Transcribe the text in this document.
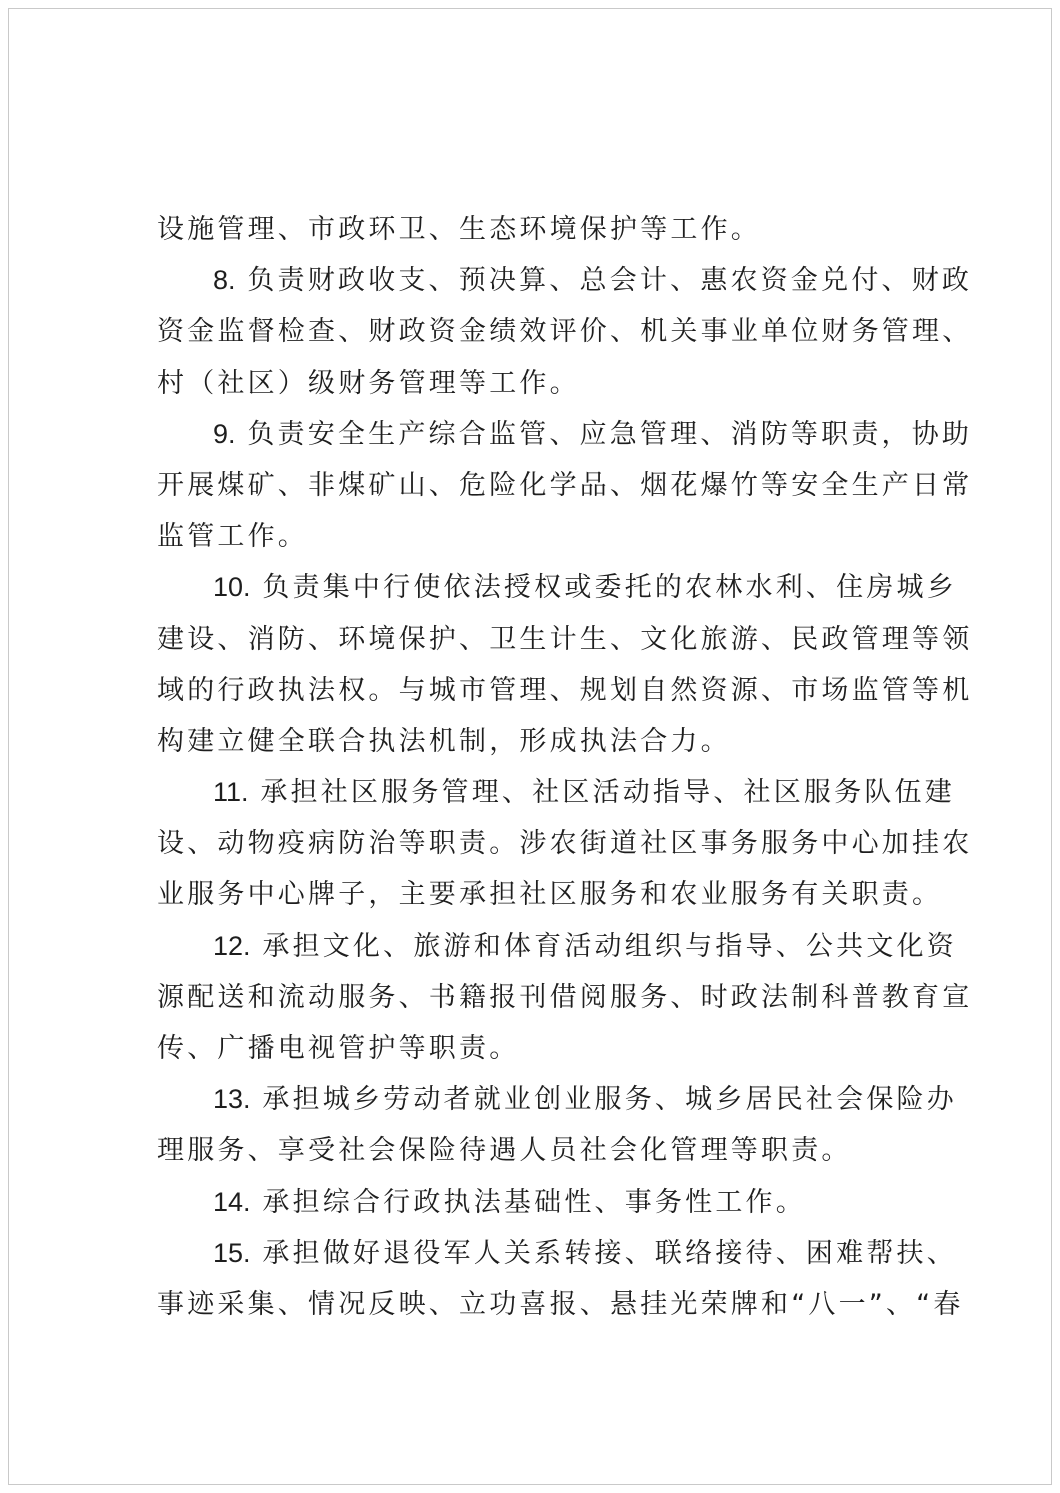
设施管理、市政环卫、生态环境保护等工作。
8. 负责财政收支、预决算、总会计、惠农资金兑付、财政
资金监督检查、财政资金绩效评价、机关事业单位财务管理、
村（社区）级财务管理等工作。
9. 负责安全生产综合监管、应急管理、消防等职责，协助
开展煤矿、非煤矿山、危险化学品、烟花爆竹等安全生产日常
监管工作。
10. 负责集中行使依法授权或委托的农林水利、住房城乡
建设、消防、环境保护、卫生计生、文化旅游、民政管理等领
域的行政执法权。与城市管理、规划自然资源、市场监管等机
构建立健全联合执法机制，形成执法合力。
11. 承担社区服务管理、社区活动指导、社区服务队伍建
设、动物疫病防治等职责。涉农街道社区事务服务中心加挂农
业服务中心牌子，主要承担社区服务和农业服务有关职责。
12. 承担文化、旅游和体育活动组织与指导、公共文化资
源配送和流动服务、书籍报刊借阅服务、时政法制科普教育宣
传、广播电视管护等职责。
13. 承担城乡劳动者就业创业服务、城乡居民社会保险办
理服务、享受社会保险待遇人员社会化管理等职责。
14. 承担综合行政执法基础性、事务性工作。
15. 承担做好退役军人关系转接、联络接待、困难帮扶、
事迹采集、情况反映、立功喜报、悬挂光荣牌和“八一”、“春
